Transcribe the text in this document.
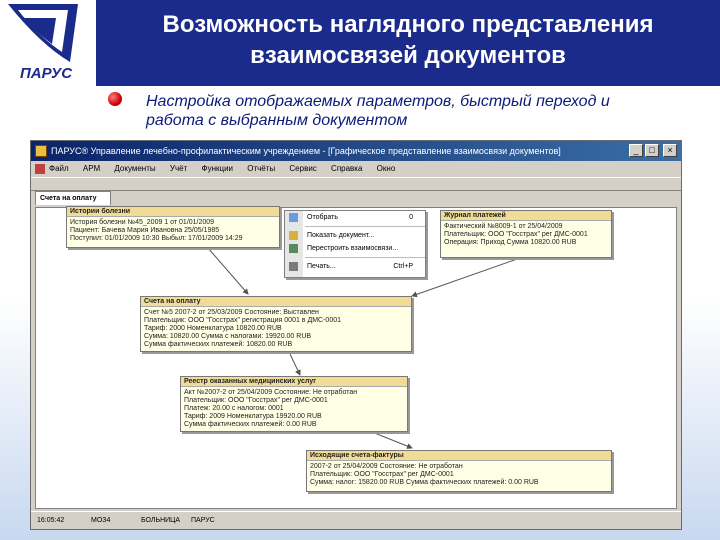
ПАРУС
Возможность наглядного представления
взаимосвязей документов
Настройка отображаемых параметров, быстрый переход и
работа с выбранным документом
ПАРУС® Управление лечебно-профилактическим учреждением - [Графическое представление взаимосвязи документов]	_	□	×
Файл АРМ Документы Учёт Функции Отчёты Сервис Справка Окно
Счета на оплату
16:05:42	МОЗ4	БОЛЬНИЦА ПАРУС
Истории болезни
История болезни №45_2009 1 от 01/01/2009
Пациент: Бачева Мария Ивановна 25/05/1985
Поступил: 01/01/2009 10:30 Выбыл: 17/01/2009 14:29
Журнал платежей
Фактический №8009-1 от 25/04/2009
Плательщик: ООО "Госстрах" рег ДМС-0001
Операция: Приход Сумма 10820.00 RUB
Счета на оплату
Счет №5 2007-2 от 25/03/2009 Состояние: Выставлен
Плательщик: ООО "Госстрах" регистрация 0001 в ДМС-0001
Тариф: 2000 Номенклатура 10820.00 RUB
Сумма: 10820.00 Сумма с налогами: 19920.00 RUB
Сумма фактических платежей: 10820.00 RUB
Реестр оказанных медицинских услуг
Акт №2007-2 от 25/04/2009 Состояние: Не отработан
Плательщик: ООО "Госстрах" рег ДМС-0001
Платеж: 20.00 с налогом: 0001
Тариф: 2009 Номенклатура 19920.00 RUB
Сумма фактических платежей: 0.00 RUB
Исходящие счета-фактуры
2007-2 от 25/04/2009 Состояние: Не отработан
Плательщик: ООО "Госстрах" рег ДМС-0001
Сумма: налог: 15820.00 RUB Сумма фактических платежей: 0.00 RUB
Отобрать	0
Показать документ...
Перестроить взаимосвязи...
Печать...	Ctrl+P
